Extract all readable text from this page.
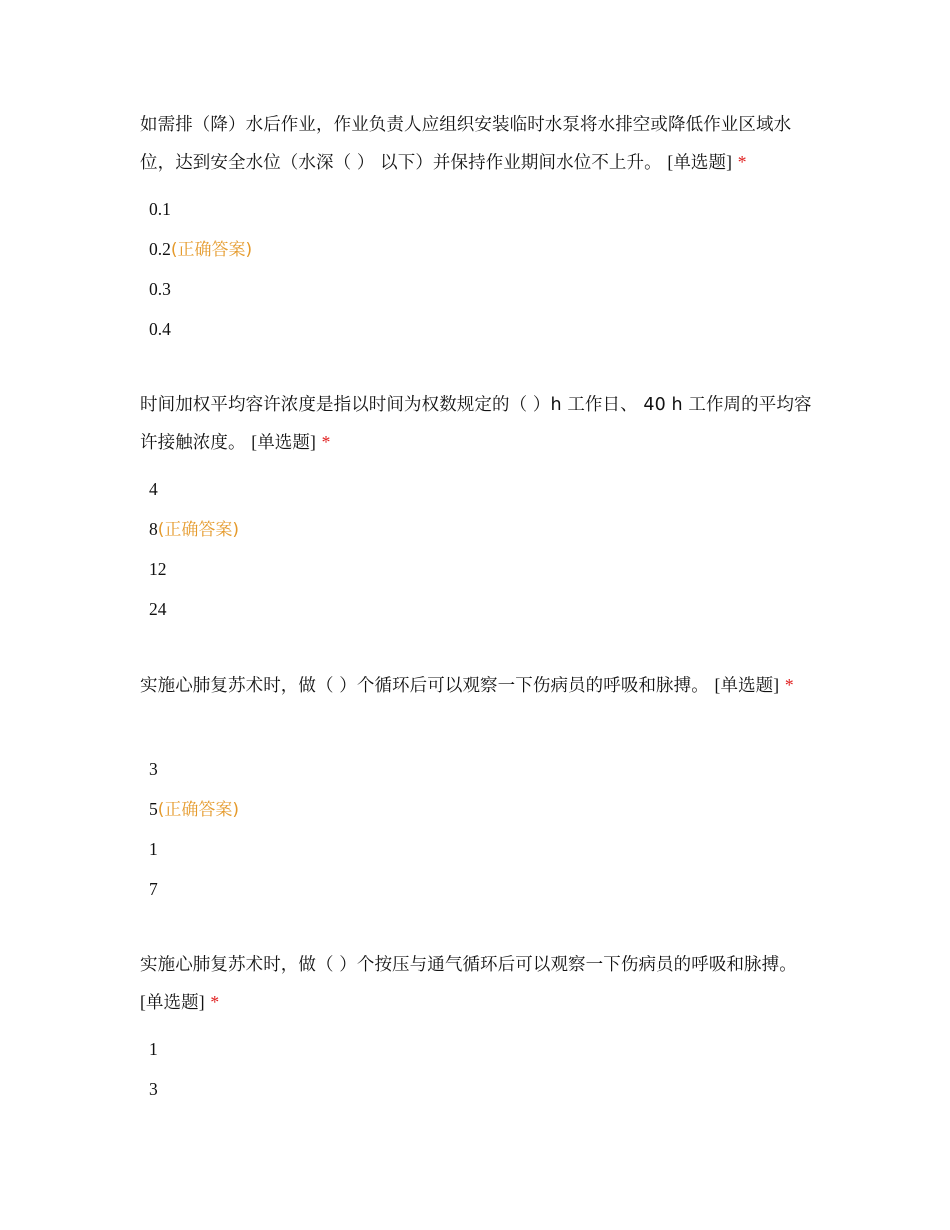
如需排（降）水后作业，作业负责人应组织安装临时水泵将水排空或降低作业区域水位，达到安全水位（水深（ ） 以下）并保持作业期间水位不上升。 [单选题] *

0.1
0.2(正确答案)
0.3
0.4

时间加权平均容许浓度是指以时间为权数规定的（ ）h 工作日、 40 h 工作周的平均容许接触浓度。 [单选题] *

4
8(正确答案)
12
24

实施心肺复苏术时，做（ ）个循环后可以观察一下伤病员的呼吸和脉搏。 [单选题] *

3
5(正确答案)
1
7

实施心肺复苏术时，做（ ）个按压与通气循环后可以观察一下伤病员的呼吸和脉搏。 [单选题] *

1
3
